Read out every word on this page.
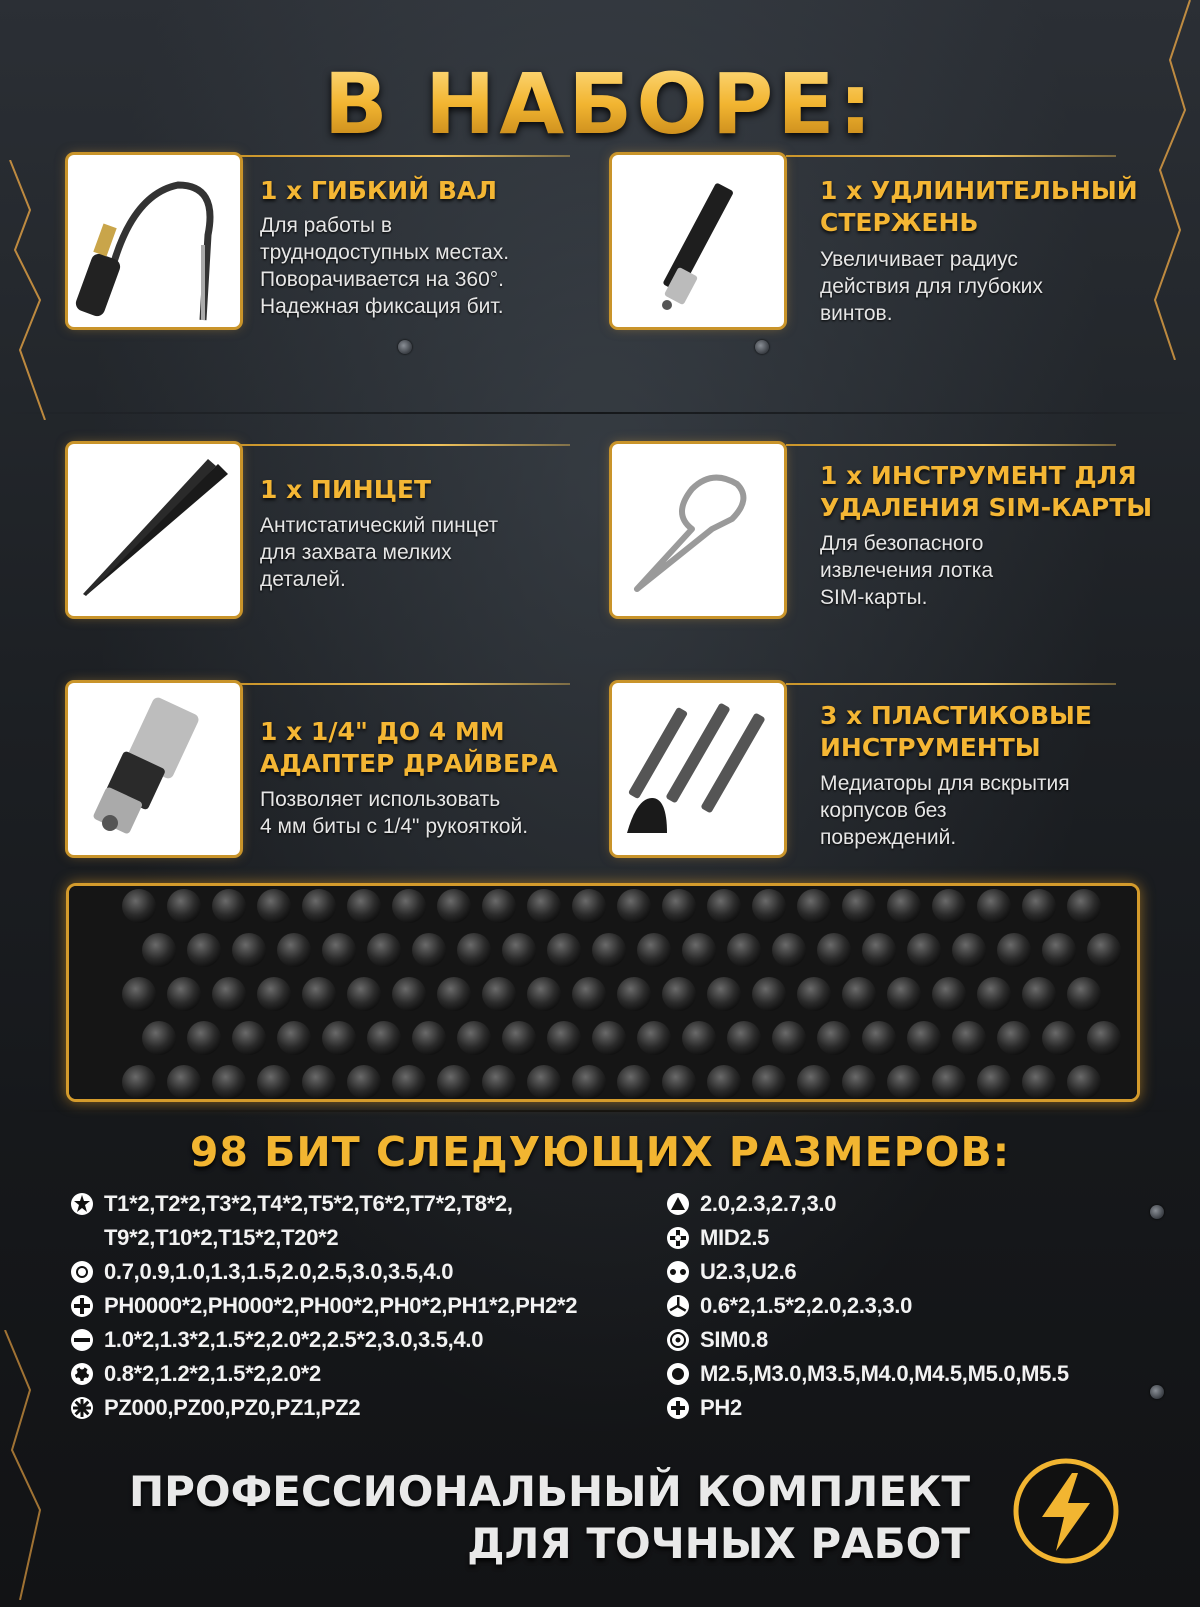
В НАБОРЕ:
1 x ГИБКИЙ ВАЛ
Для работы в
труднодоступных местах.
Поворачивается на 360°.
Надежная фиксация бит.
1 x УДЛИНИТЕЛЬНЫЙ
СТЕРЖЕНЬ
Увеличивает радиус
действия для глубоких
винтов.
1 x ПИНЦЕТ
Антистатический пинцет
для захвата мелких
деталей.
1 x ИНСТРУМЕНТ ДЛЯ
УДАЛЕНИЯ SIM-КАРТЫ
Для безопасного
извлечения лотка
SIM-карты.
1 x 1/4" ДО 4 ММ
АДАПТЕР ДРАЙВЕРА
Позволяет использовать
4 мм биты с 1/4" рукояткой.
3 x ПЛАСТИКОВЫЕ
ИНСТРУМЕНТЫ
Медиаторы для вскрытия
корпусов без
повреждений.
98 БИТ СЛЕДУЮЩИХ РАЗМЕРОВ:
T1*2,T2*2,T3*2,T4*2,T5*2,T6*2,T7*2,T8*2,
T9*2,T10*2,T15*2,T20*2
0.7,0.9,1.0,1.3,1.5,2.0,2.5,3.0,3.5,4.0
PH0000*2,PH000*2,PH00*2,PH0*2,PH1*2,PH2*2
1.0*2,1.3*2,1.5*2,2.0*2,2.5*2,3.0,3.5,4.0
0.8*2,1.2*2,1.5*2,2.0*2
PZ000,PZ00,PZ0,PZ1,PZ2
2.0,2.3,2.7,3.0
MID2.5
U2.3,U2.6
0.6*2,1.5*2,2.0,2.3,3.0
SIM0.8
M2.5,M3.0,M3.5,M4.0,M4.5,M5.0,M5.5
PH2
ПРОФЕССИОНАЛЬНЫЙ КОМПЛЕКТ
ДЛЯ ТОЧНЫХ РАБОТ
